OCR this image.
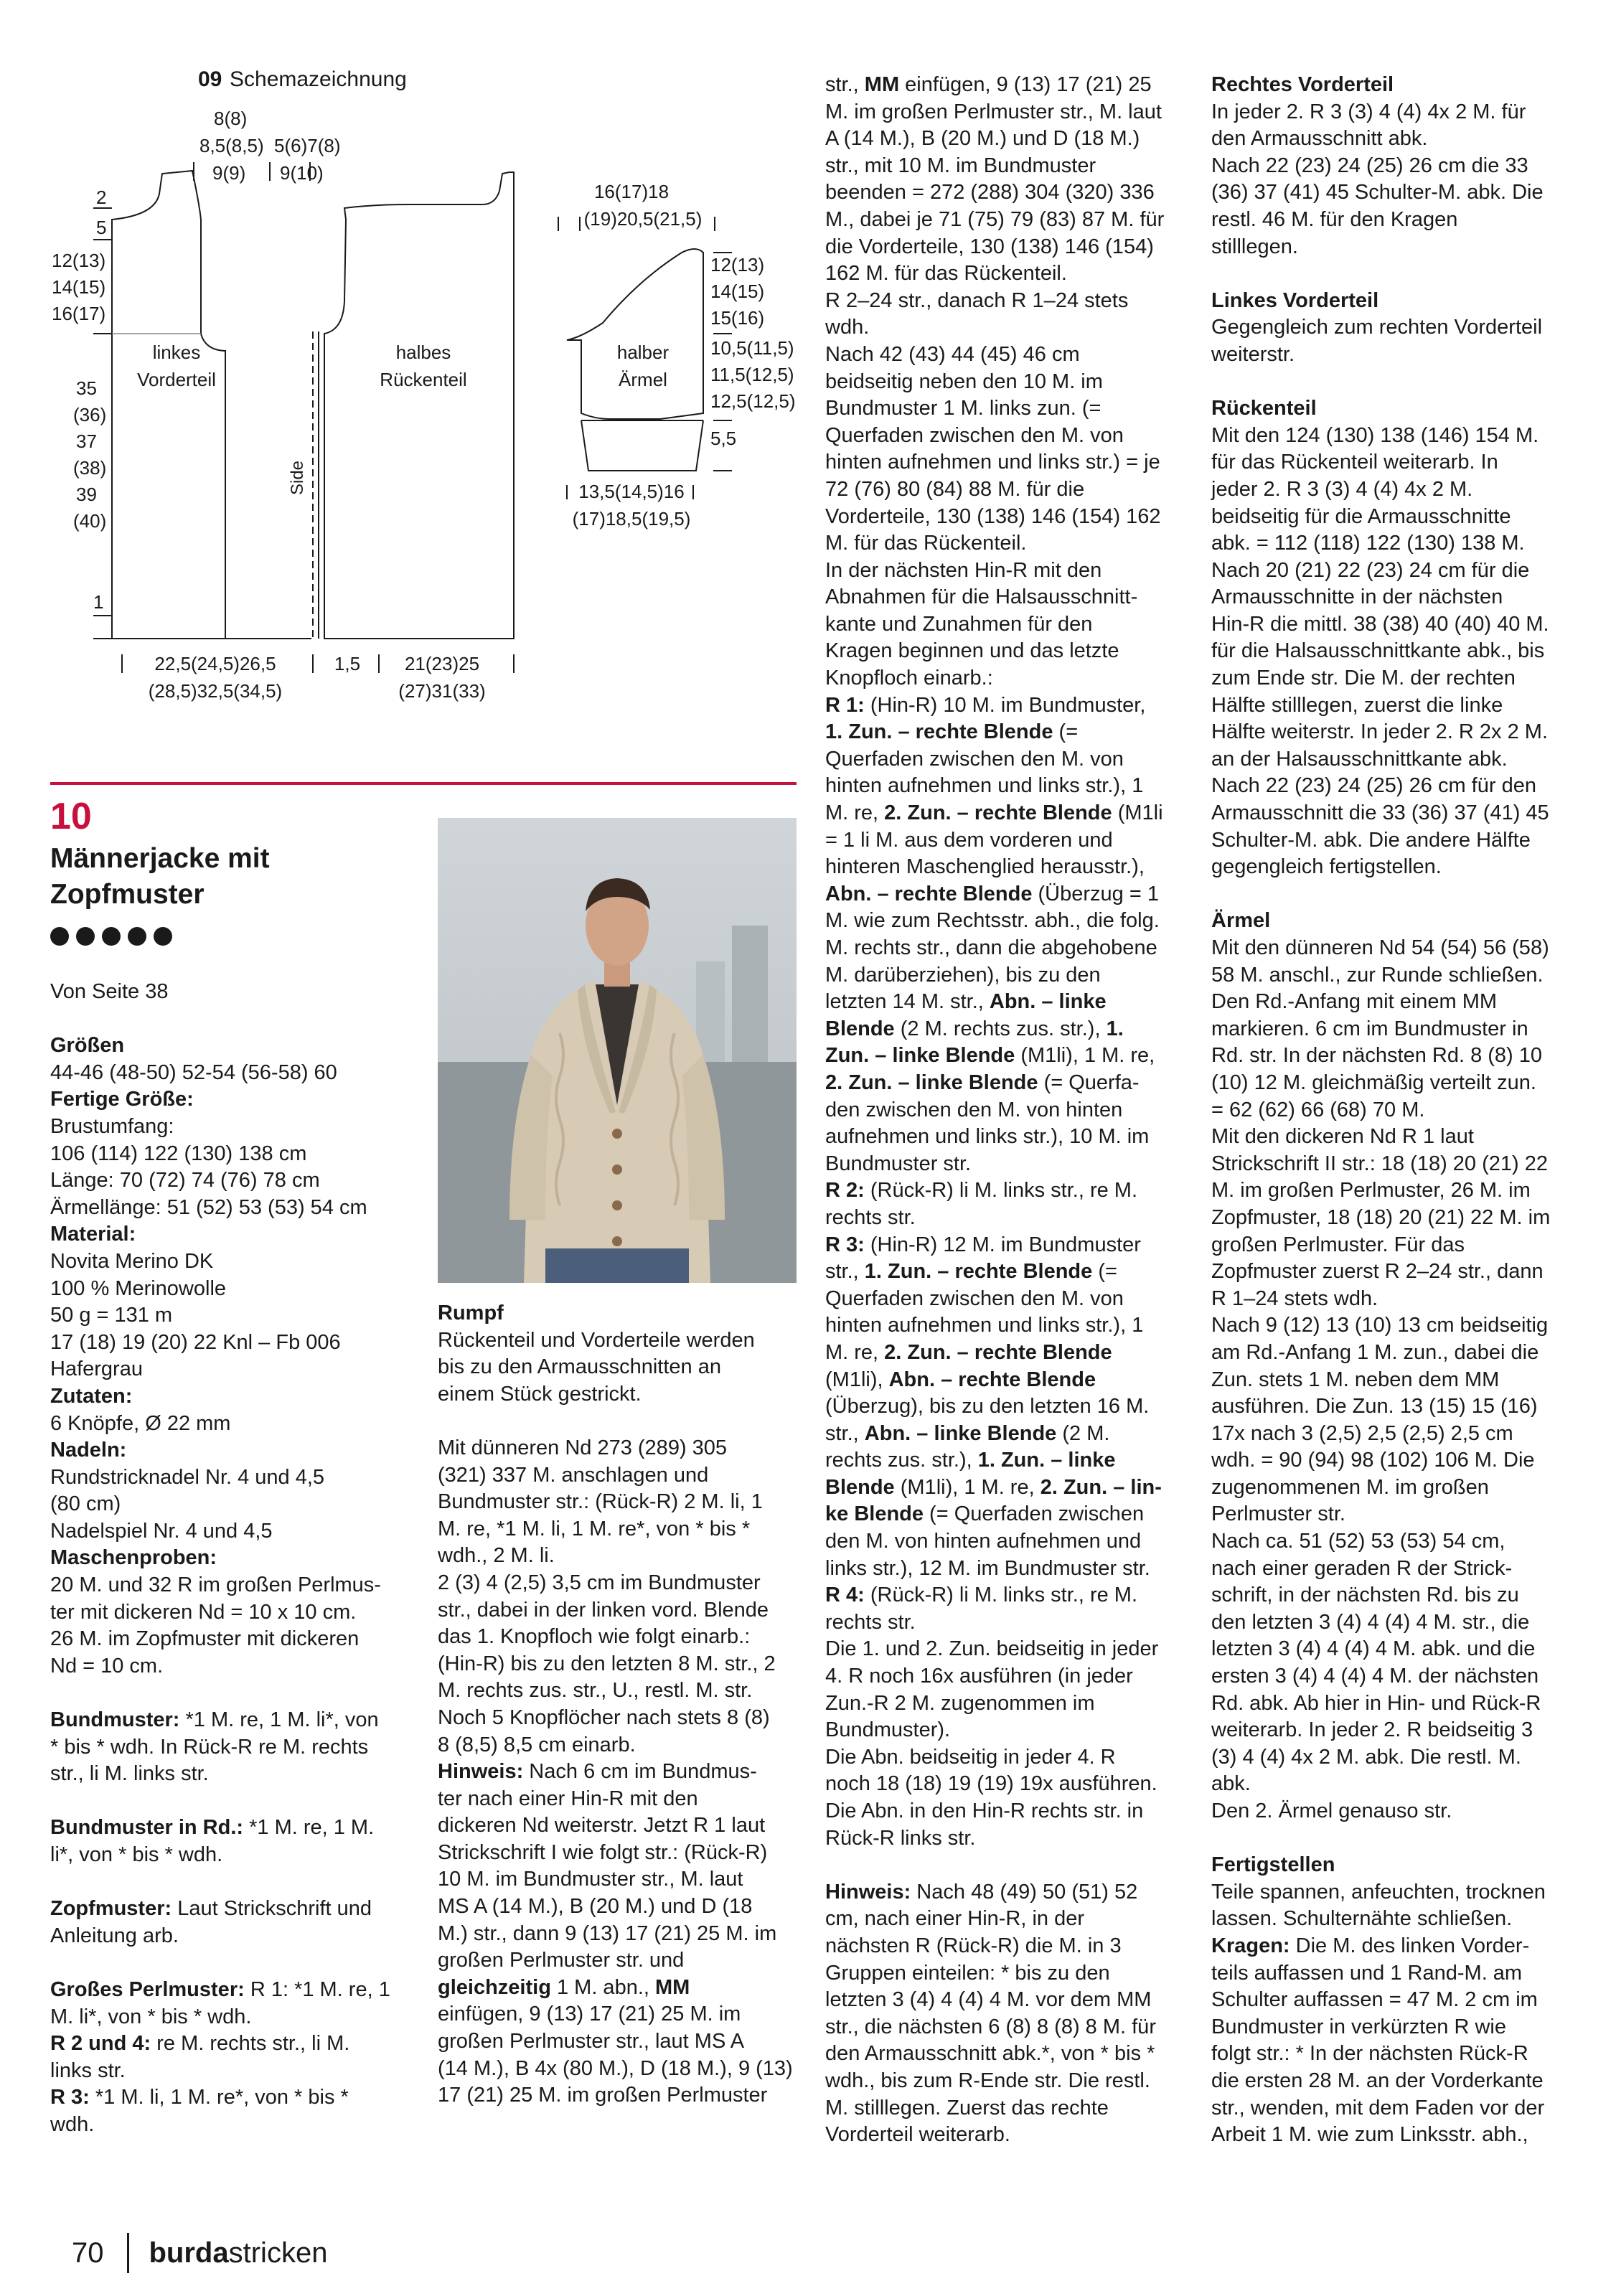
09 Schemazeichnung
8(8)
8,5(8,5) 5(6)7(8)
9(9) 9(10)
2
5
12(13)
14(15)
16(17)
35
(36)
37
(38)
39
(40)
1
linkes
Vorderteil
Side
halbes
Rückenteil
22,5(24,5)26,5
(28,5)32,5(34,5)
1,5 21(23)25
(27)31(33)
16(17)18
(19)20,5(21,5)
halber
Ärmel
12(13)
14(15)
15(16)
10,5(11,5)
11,5(12,5)
12,5(12,5)
5,5
13,5(14,5)16
(17)18,5(19,5)
10
Männerjacke mit Zopfmuster

Von Seite 38

Größen

44-46 (48-50) 52-54 (56-58) 60

Fertige Größe:

Brustumfang:

106 (114) 122 (130) 138 cm

Länge: 70 (72) 74 (76) 78 cm

Ärmellänge: 51 (52) 53 (53) 54 cm

Material:

Novita Merino DK

100 % Merinowolle

50 g = 131 m

17 (18) 19 (20) 22 Knl – Fb 006

Hafergrau

Zutaten:

6 Knöpfe, Ø 22 mm

Nadeln:

Rundstricknadel Nr. 4 und 4,5

(80 cm)

Nadelspiel Nr. 4 und 4,5

Maschenproben:

20 M. und 32 R im großen Perlmus-

ter mit dickeren Nd = 10 x 10 cm.

26 M. im Zopfmuster mit dickeren

Nd = 10 cm.

Bundmuster: *1 M. re, 1 M. li*, von

* bis * wdh. In Rück-R re M. rechts

str., li M. links str.

Bundmuster in Rd.: *1 M. re, 1 M.

li*, von * bis * wdh.

Zopfmuster: Laut Strickschrift und

Anleitung arb.

Großes Perlmuster: R 1: *1 M. re, 1

M. li*, von * bis * wdh.

R 2 und 4: re M. rechts str., li M.

links str.

R 3: *1 M. li, 1 M. re*, von * bis *

wdh.

Rumpf

Rückenteil und Vorderteile werden

bis zu den Armausschnitten an

einem Stück gestrickt.

Mit dünneren Nd 273 (289) 305

(321) 337 M. anschlagen und

Bundmuster str.: (Rück-R) 2 M. li, 1

M. re, *1 M. li, 1 M. re*, von * bis *

wdh., 2 M. li.

2 (3) 4 (2,5) 3,5 cm im Bundmuster

str., dabei in der linken vord. Blende

das 1. Knopfloch wie folgt einarb.:

(Hin-R) bis zu den letzten 8 M. str., 2

M. rechts zus. str., U., restl. M. str.

Noch 5 Knopflöcher nach stets 8 (8)

8 (8,5) 8,5 cm einarb.

Hinweis: Nach 6 cm im Bundmus-

ter nach einer Hin-R mit den

dickeren Nd weiterstr. Jetzt R 1 laut

Strickschrift I wie folgt str.: (Rück-R)

10 M. im Bundmuster str., M. laut

MS A (14 M.), B (20 M.) und D (18

M.) str., dann 9 (13) 17 (21) 25 M. im

großen Perlmuster str. und

gleichzeitig 1 M. abn., MM

einfügen, 9 (13) 17 (21) 25 M. im

großen Perlmuster str., laut MS A

(14 M.), B 4x (80 M.), D (18 M.), 9 (13)

17 (21) 25 M. im großen Perlmuster

str., MM einfügen, 9 (13) 17 (21) 25

M. im großen Perlmuster str., M. laut

A (14 M.), B (20 M.) und D (18 M.)

str., mit 10 M. im Bundmuster

beenden = 272 (288) 304 (320) 336

M., dabei je 71 (75) 79 (83) 87 M. für

die Vorderteile, 130 (138) 146 (154)

162 M. für das Rückenteil.

R 2–24 str., danach R 1–24 stets

wdh.

Nach 42 (43) 44 (45) 46 cm

beidseitig neben den 10 M. im

Bundmuster 1 M. links zun. (=

Querfaden zwischen den M. von

hinten aufnehmen und links str.) = je

72 (76) 80 (84) 88 M. für die

Vorderteile, 130 (138) 146 (154) 162

M. für das Rückenteil.

In der nächsten Hin-R mit den

Abnahmen für die Halsausschnitt-

kante und Zunahmen für den

Kragen beginnen und das letzte

Knopfloch einarb.:

R 1: (Hin-R) 10 M. im Bundmuster,

1. Zun. – rechte Blende (=

Querfaden zwischen den M. von

hinten aufnehmen und links str.), 1

M. re, 2. Zun. – rechte Blende (M1li

= 1 li M. aus dem vorderen und

hinteren Maschenglied herausstr.),

Abn. – rechte Blende (Überzug = 1

M. wie zum Rechtsstr. abh., die folg.

M. rechts str., dann die abgehobene

M. darüberziehen), bis zu den

letzten 14 M. str., Abn. – linke

Blende (2 M. rechts zus. str.), 1.

Zun. – linke Blende (M1li), 1 M. re,

2. Zun. – linke Blende (= Querfa-

den zwischen den M. von hinten

aufnehmen und links str.), 10 M. im

Bundmuster str.

R 2: (Rück-R) li M. links str., re M.

rechts str.

R 3: (Hin-R) 12 M. im Bundmuster

str., 1. Zun. – rechte Blende (=

Querfaden zwischen den M. von

hinten aufnehmen und links str.), 1

M. re, 2. Zun. – rechte Blende

(M1li), Abn. – rechte Blende

(Überzug), bis zu den letzten 16 M.

str., Abn. – linke Blende (2 M.

rechts zus. str.), 1. Zun. – linke

Blende (M1li), 1 M. re, 2. Zun. – lin-

ke Blende (= Querfaden zwischen

den M. von hinten aufnehmen und

links str.), 12 M. im Bundmuster str.

R 4: (Rück-R) li M. links str., re M.

rechts str.

Die 1. und 2. Zun. beidseitig in jeder

4. R noch 16x ausführen (in jeder

Zun.-R 2 M. zugenommen im

Bundmuster).

Die Abn. beidseitig in jeder 4. R

noch 18 (18) 19 (19) 19x ausführen.

Die Abn. in den Hin-R rechts str. in

Rück-R links str.

Hinweis: Nach 48 (49) 50 (51) 52

cm, nach einer Hin-R, in der

nächsten R (Rück-R) die M. in 3

Gruppen einteilen: * bis zu den

letzten 3 (4) 4 (4) 4 M. vor dem MM

str., die nächsten 6 (8) 8 (8) 8 M. für

den Armausschnitt abk.*, von * bis *

wdh., bis zum R-Ende str. Die restl.

M. stilllegen. Zuerst das rechte

Vorderteil weiterarb.

Rechtes Vorderteil

In jeder 2. R 3 (3) 4 (4) 4x 2 M. für

den Armausschnitt abk.

Nach 22 (23) 24 (25) 26 cm die 33

(36) 37 (41) 45 Schulter-M. abk. Die

restl. 46 M. für den Kragen

stilllegen.

Linkes Vorderteil

Gegengleich zum rechten Vorderteil

weiterstr.

Rückenteil

Mit den 124 (130) 138 (146) 154 M.

für das Rückenteil weiterarb. In

jeder 2. R 3 (3) 4 (4) 4x 2 M.

beidseitig für die Armausschnitte

abk. = 112 (118) 122 (130) 138 M.

Nach 20 (21) 22 (23) 24 cm für die

Armausschnitte in der nächsten

Hin-R die mittl. 38 (38) 40 (40) 40 M.

für die Halsausschnittkante abk., bis

zum Ende str. Die M. der rechten

Hälfte stilllegen, zuerst die linke

Hälfte weiterstr. In jeder 2. R 2x 2 M.

an der Halsausschnittkante abk.

Nach 22 (23) 24 (25) 26 cm für den

Armausschnitt die 33 (36) 37 (41) 45

Schulter-M. abk. Die andere Hälfte

gegengleich fertigstellen.

Ärmel

Mit den dünneren Nd 54 (54) 56 (58)

58 M. anschl., zur Runde schließen.

Den Rd.-Anfang mit einem MM

markieren. 6 cm im Bundmuster in

Rd. str. In der nächsten Rd. 8 (8) 10

(10) 12 M. gleichmäßig verteilt zun.

= 62 (62) 66 (68) 70 M.

Mit den dickeren Nd R 1 laut

Strickschrift II str.: 18 (18) 20 (21) 22

M. im großen Perlmuster, 26 M. im

Zopfmuster, 18 (18) 20 (21) 22 M. im

großen Perlmuster. Für das

Zopfmuster zuerst R 2–24 str., dann

R 1–24 stets wdh.

Nach 9 (12) 13 (10) 13 cm beidseitig

am Rd.-Anfang 1 M. zun., dabei die

Zun. stets 1 M. neben dem MM

ausführen. Die Zun. 13 (15) 15 (16)

17x nach 3 (2,5) 2,5 (2,5) 2,5 cm

wdh. = 90 (94) 98 (102) 106 M. Die

zugenommenen M. im großen

Perlmuster str.

Nach ca. 51 (52) 53 (53) 54 cm,

nach einer geraden R der Strick-

schrift, in der nächsten Rd. bis zu

den letzten 3 (4) 4 (4) 4 M. str., die

letzten 3 (4) 4 (4) 4 M. abk. und die

ersten 3 (4) 4 (4) 4 M. der nächsten

Rd. abk. Ab hier in Hin- und Rück-R

weiterarb. In jeder 2. R beidseitig 3

(3) 4 (4) 4x 2 M. abk. Die restl. M.

abk.

Den 2. Ärmel genauso str.

Fertigstellen

Teile spannen, anfeuchten, trocknen

lassen. Schulternähte schließen.

Kragen: Die M. des linken Vorder-

teils auffassen und 1 Rand-M. am

Schulter auffassen = 47 M. 2 cm im

Bundmuster in verkürzten R wie

folgt str.: * In der nächsten Rück-R

die ersten 28 M. an der Vorderkante

str., wenden, mit dem Faden vor der

Arbeit 1 M. wie zum Linksstr. abh.,

70 burda stricken
